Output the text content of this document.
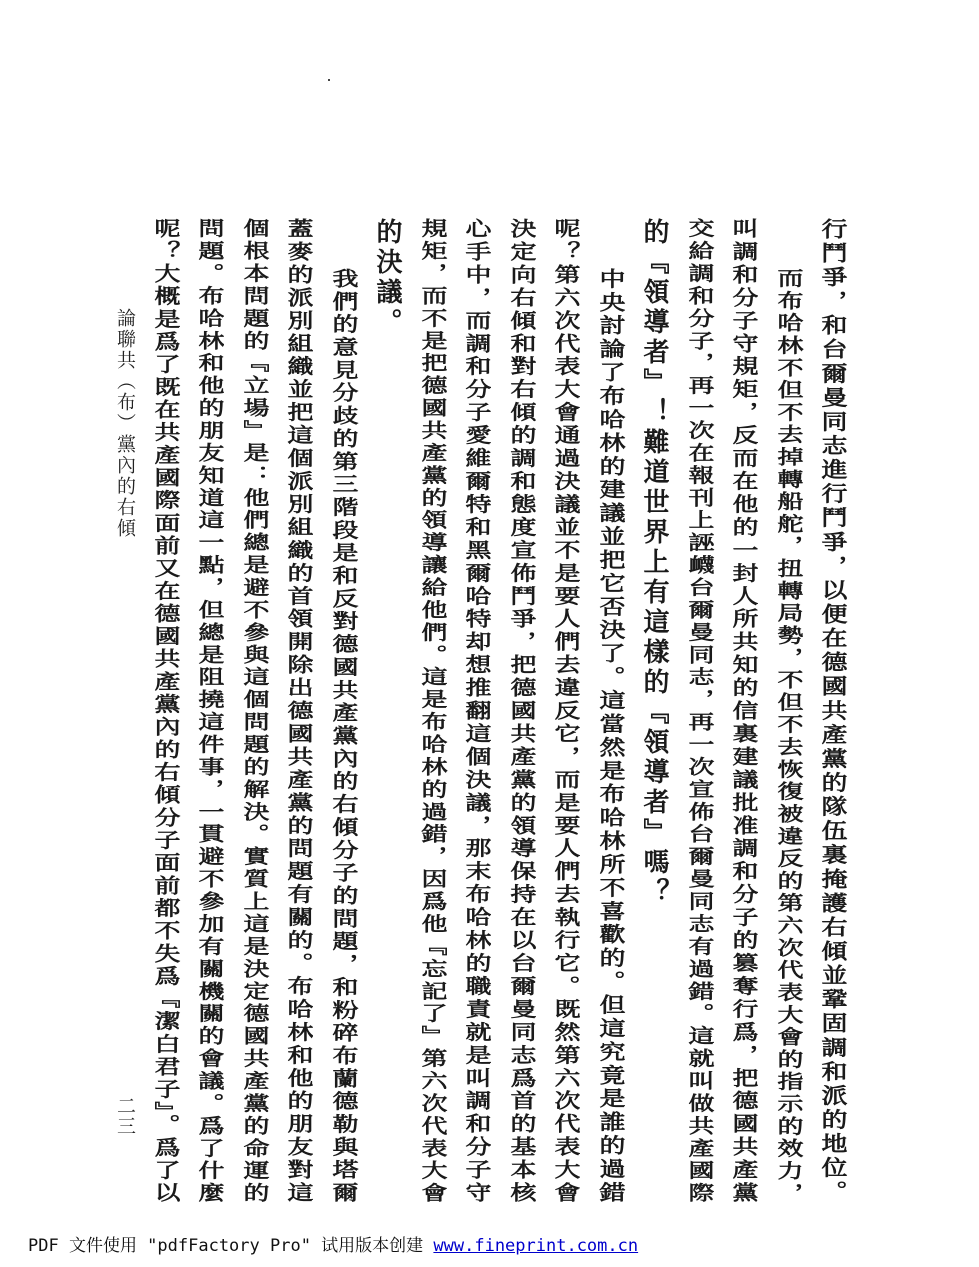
行鬥爭，和台爾曼同志進行鬥爭，以便在德國共產黨的隊伍裏掩護右傾並鞏固調和派的地位。
而布哈林不但不去掉轉船舵，扭轉局勢，不但不去恢復被違反的第六次代表大會的指示的效力，
叫調和分子守規矩，反而在他的一封人所共知的信裏建議批准調和分子的篡奪行爲，把德國共產黨
交給調和分子，再一次在報刊上誣衊台爾曼同志，再一次宣佈台爾曼同志有過錯。這就叫做共產國際
的『領導者』！難道世界上有這樣的『領導者』嗎？
中央討論了布哈林的建議並把它否決了。這當然是布哈林所不喜歡的。但這究竟是誰的過錯
呢？第六次代表大會通過決議並不是要人們去違反它，而是要人們去執行它。既然第六次代表大會
決定向右傾和對右傾的調和態度宣佈鬥爭，把德國共產黨的領導保持在以台爾曼同志爲首的基本核
心手中，而調和分子愛維爾特和黑爾哈特却想推翻這個決議，那末布哈林的職責就是叫調和分子守
規矩，而不是把德國共產黨的領導讓給他們。這是布哈林的過錯，因爲他『忘記了』第六次代表大會
的決議。
我們的意見分歧的第三階段是和反對德國共產黨內的右傾分子的問題，和粉碎布蘭德勒與塔爾
蓋麥的派別組織並把這個派別組織的首領開除出德國共產黨的問題有關的。布哈林和他的朋友對這
個根本問題的『立場』是：他們總是避不參與這個問題的解決。實質上這是決定德國共產黨的命運的
問題。布哈林和他的朋友知道這一點，但總是阻撓這件事，一貫避不參加有關機關的會議。爲了什麼
呢？大概是爲了既在共產國際面前又在德國共產黨內的右傾分子面前都不失爲『潔白君子』。爲了以
論聯共（布）黨內的右傾
二三
PDF 文件使用 "pdfFactory Pro" 试用版本创建 www.fineprint.com.cn
